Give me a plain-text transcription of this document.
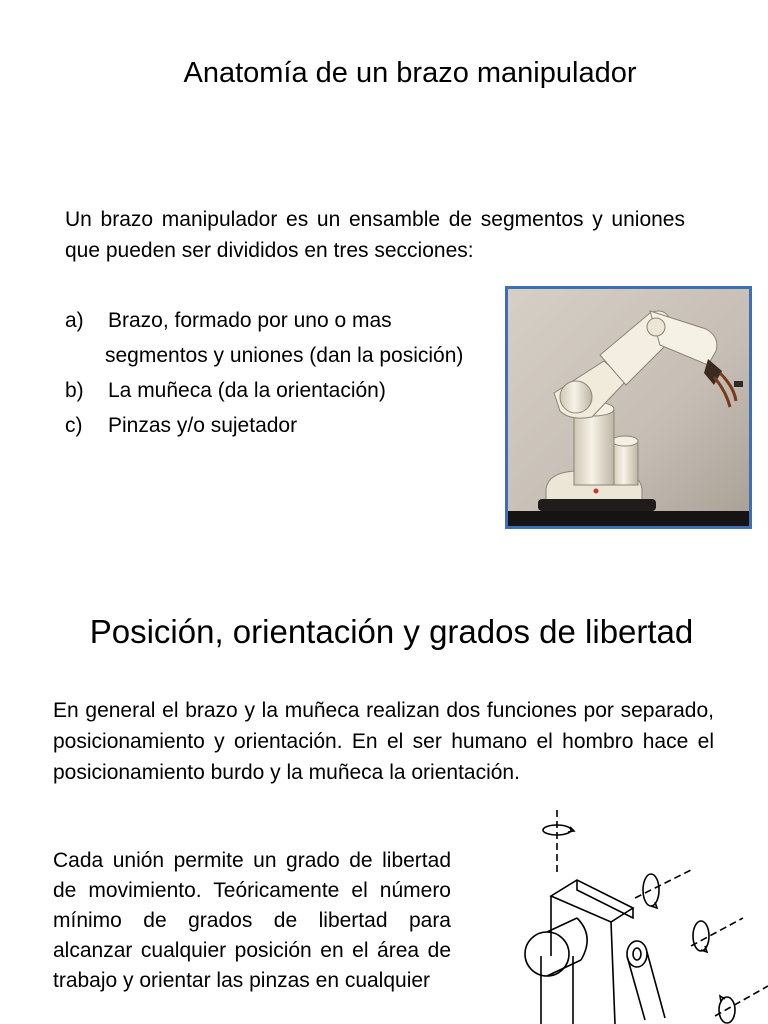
Anatomía de un brazo manipulador
Un brazo manipulador es un ensamble de segmentos y uniones que pueden ser divididos en tres secciones:
a) Brazo, formado por uno o mas
segmentos y uniones (dan la posición)
b) La muñeca (da la orientación)
c) Pinzas y/o sujetador
Posición, orientación y grados de libertad
En general el brazo y la muñeca realizan dos funciones por separado, posicionamiento y orientación. En el ser humano el hombro hace el posicionamiento burdo y la muñeca la orientación.
Cada unión permite un grado de libertad de movimiento. Teóricamente el número mínimo de grados de libertad para alcanzar cualquier posición en el área de trabajo y orientar las pinzas en cualquier
